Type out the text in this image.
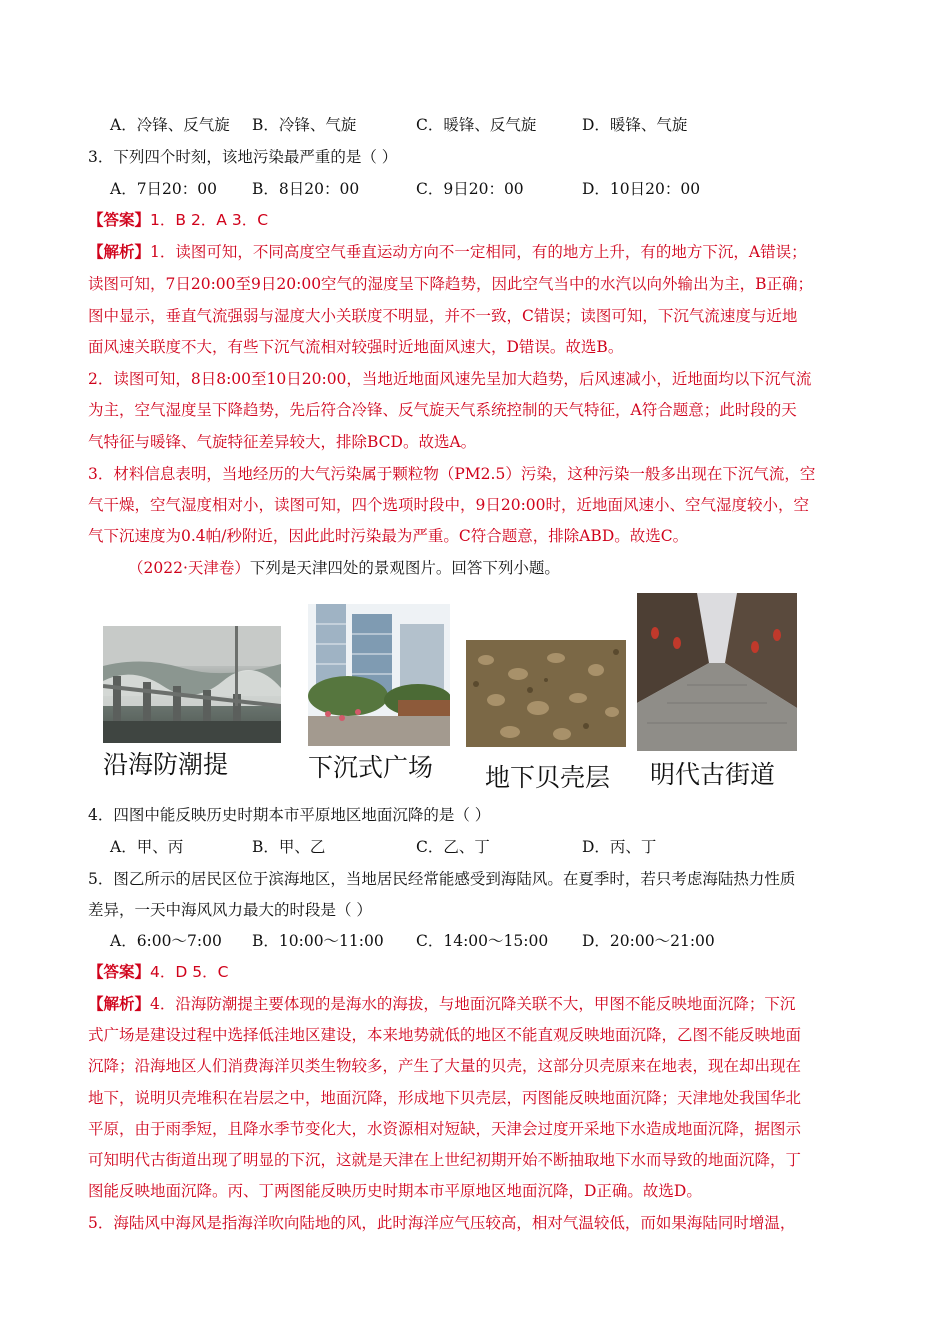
A．冷锋、反气旋 B．冷锋、气旋	C．暖锋、反气旋	D．暖锋、气旋
3．下列四个时刻，该地污染最严重的是（ ）
A．7日20：00 B．8日20：00	C．9日20：00	D．10日20：00
【答案】1．B 2．A 3．C
【解析】1．读图可知，不同高度空气垂直运动方向不一定相同，有的地方上升，有的地方下沉，A错误；
读图可知，7日20:00至9日20:00空气的湿度呈下降趋势，因此空气当中的水汽以向外输出为主，B正确；
图中显示，垂直气流强弱与湿度大小关联度不明显，并不一致，C错误；读图可知，下沉气流速度与近地
面风速关联度不大，有些下沉气流相对较强时近地面风速大，D错误。故选B。
2．读图可知，8日8:00至10日20:00，当地近地面风速先呈加大趋势，后风速减小，近地面均以下沉气流
为主，空气湿度呈下降趋势，先后符合冷锋、反气旋天气系统控制的天气特征，A符合题意；此时段的天
气特征与暖锋、气旋特征差异较大，排除BCD。故选A。
3．材料信息表明，当地经历的大气污染属于颗粒物（PM2.5）污染，这种污染一般多出现在下沉气流，空
气干燥，空气湿度相对小，读图可知，四个选项时段中，9日20:00时，近地面风速小、空气湿度较小，空
气下沉速度为0.4帕/秒附近，因此此时污染最为严重。C符合题意，排除ABD。故选C。
（2022·天津卷）下列是天津四处的景观图片。回答下列小题。
沿海防潮提	下沉式广场 地下贝壳层 明代古街道
4．四图中能反映历史时期本市平原地区地面沉降的是（ ）
A．甲、丙	B．甲、乙	C．乙、丁	D．丙、丁
5．图乙所示的居民区位于滨海地区，当地居民经常能感受到海陆风。在夏季时，若只考虑海陆热力性质
差异，一天中海风风力最大的时段是（ ）
A．6:00～7:00 B．10:00～11:00 C．14:00～15:00 D．20:00～21:00
【答案】4．D 5．C
【解析】4．沿海防潮提主要体现的是海水的海拔，与地面沉降关联不大，甲图不能反映地面沉降；下沉
式广场是建设过程中选择低洼地区建设，本来地势就低的地区不能直观反映地面沉降，乙图不能反映地面
沉降；沿海地区人们消费海洋贝类生物较多，产生了大量的贝壳，这部分贝壳原来在地表，现在却出现在
地下，说明贝壳堆积在岩层之中，地面沉降，形成地下贝壳层，丙图能反映地面沉降；天津地处我国华北
平原，由于雨季短，且降水季节变化大，水资源相对短缺，天津会过度开采地下水造成地面沉降，据图示
可知明代古街道出现了明显的下沉，这就是天津在上世纪初期开始不断抽取地下水而导致的地面沉降，丁
图能反映地面沉降。丙、丁两图能反映历史时期本市平原地区地面沉降，D正确。故选D。
5．海陆风中海风是指海洋吹向陆地的风，此时海洋应气压较高，相对气温较低，而如果海陆同时增温，
